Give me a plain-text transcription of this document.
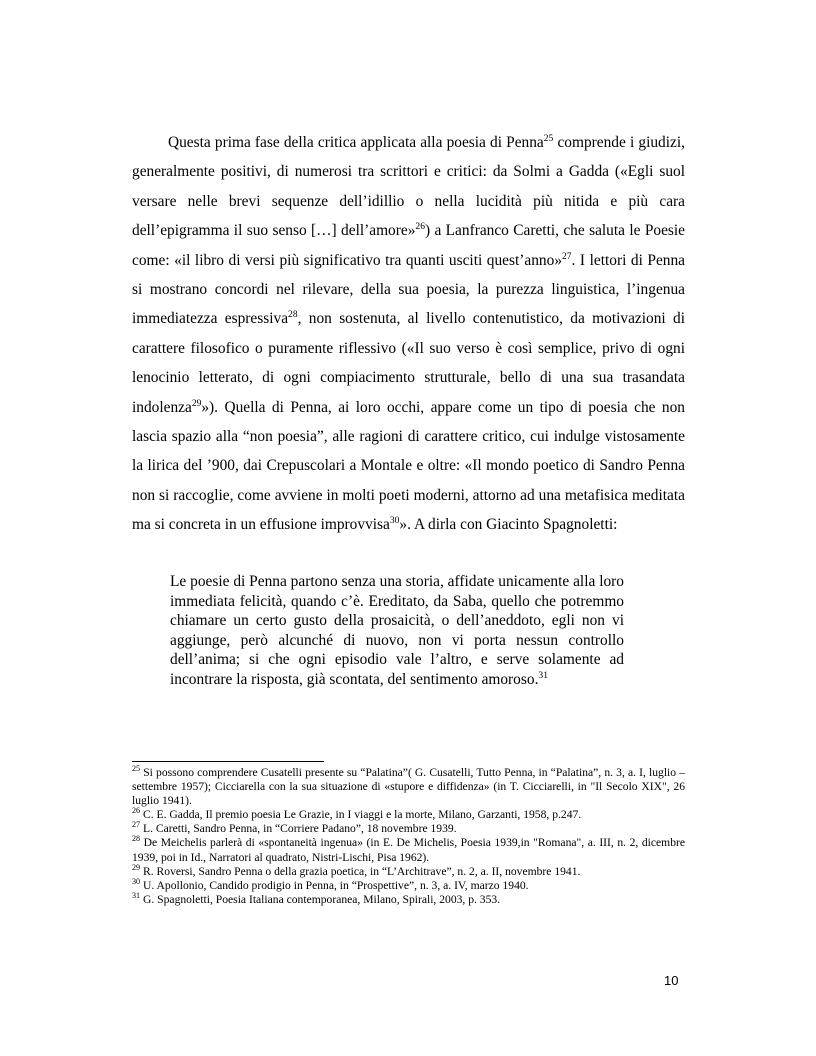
Questa prima fase della critica applicata alla poesia di Penna$^{25}$ comprende i giudizi, generalmente positivi, di numerosi tra scrittori e critici: da Solmi a Gadda («Egli suol versare nelle brevi sequenze dell’idillio o nella lucidità più nitida e più cara dell’epigramma il suo senso […] dell’amore»$^{26}$) a Lanfranco Caretti, che saluta le Poesie come: «il libro di versi più significativo tra quanti usciti quest’anno»$^{27}$. I lettori di Penna si mostrano concordi nel rilevare, della sua poesia, la purezza linguistica, l’ingenua immediatezza espressiva$^{28}$, non sostenuta, al livello contenutistico, da motivazioni di carattere filosofico o puramente riflessivo («Il suo verso è così semplice, privo di ogni lenocinio letterato, di ogni compiacimento strutturale, bello di una sua trasandata indolenza$^{29}$»). Quella di Penna, ai loro occhi, appare come un tipo di poesia che non lascia spazio alla “non poesia”, alle ragioni di carattere critico, cui indulge vistosamente la lirica del ’900, dai Crepuscolari a Montale e oltre: «Il mondo poetico di Sandro Penna non si raccoglie, come avviene in molti poeti moderni, attorno ad una metafisica meditata ma si concreta in un effusione improvvisa$^{30}$». A dirla con Giacinto Spagnoletti:

Le poesie di Penna partono senza una storia, affidate unicamente alla loro immediata felicità, quando c’è. Ereditato, da Saba, quello che potremmo chiamare un certo gusto della prosaicità, o dell’aneddoto, egli non vi aggiunge, però alcunché di nuovo, non vi porta nessun controllo dell’anima; si che ogni episodio vale l’altro, e serve solamente ad incontrare la risposta, già scontata, del sentimento amoroso.$^{31}$

$^{25}$ Si possono comprendere Cusatelli presente su “Palatina”( G. Cusatelli, Tutto Penna, in “Palatina”, n. 3, a. I, luglio – settembre 1957); Cicciarella con la sua situazione di «stupore e diffidenza» (in T. Cicciarelli, in "Il Secolo XIX", 26 luglio 1941).
$^{26}$ C. E. Gadda, Il premio poesia Le Grazie, in I viaggi e la morte, Milano, Garzanti, 1958, p.247.
$^{27}$ L. Caretti, Sandro Penna, in “Corriere Padano”, 18 novembre 1939.
$^{28}$ De Meichelis parlerà di «spontaneità ingenua» (in E. De Michelis, Poesia 1939,in "Romana", a. III, n. 2, dicembre 1939, poi in Id., Narratori al quadrato, Nistri-Lischi, Pisa 1962).
$^{29}$ R. Roversi, Sandro Penna o della grazia poetica, in “L’Architrave”, n. 2, a. II, novembre 1941.
$^{30}$ U. Apollonio, Candido prodigio in Penna, in “Prospettive”, n. 3, a. IV, marzo 1940.
$^{31}$ G. Spagnoletti, Poesia Italiana contemporanea, Milano, Spirali, 2003, p. 353.
10
